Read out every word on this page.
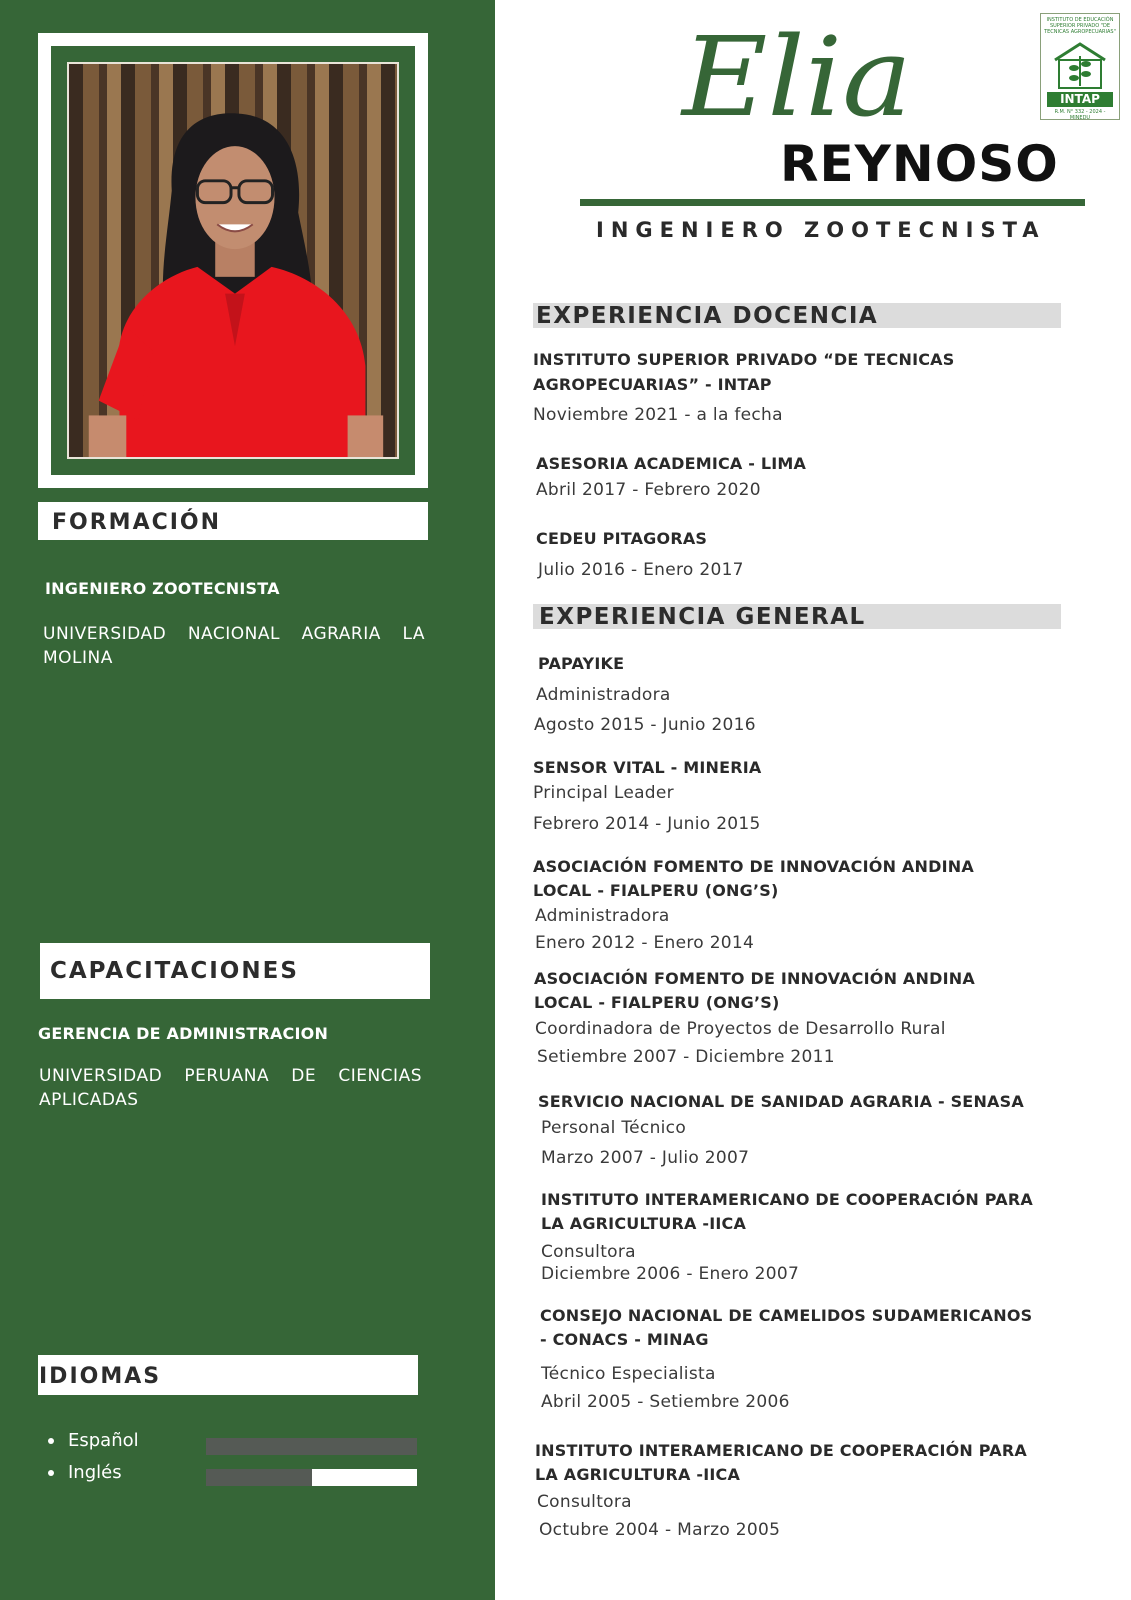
FORMACIÓN
INGENIERO ZOOTECNISTA
UNIVERSIDAD NACIONAL AGRARIA LA
MOLINA
CAPACITACIONES
GERENCIA DE ADMINISTRACION
UNIVERSIDAD PERUANA DE CIENCIAS
APLICADAS
IDIOMAS
Español
Inglés
Elia
REYNOSO
INGENIERO ZOOTECNISTA
INSTITUTO DE EDUCACIÓN SUPERIOR PRIVADO "DE TECNICAS AGROPECUARIAS"
INTAP
R.M. N° 332 - 2024 - MINEDU
EXPERIENCIA DOCENCIA
INSTITUTO SUPERIOR PRIVADO “DE TECNICAS
AGROPECUARIAS” - INTAP
Noviembre 2021 - a la fecha
ASESORIA ACADEMICA - LIMA
Abril 2017 - Febrero 2020
CEDEU PITAGORAS
Julio 2016 - Enero 2017
EXPERIENCIA GENERAL
PAPAYIKE
Administradora
Agosto 2015 - Junio 2016
SENSOR VITAL - MINERIA
Principal Leader
Febrero 2014 - Junio 2015
ASOCIACIÓN FOMENTO DE INNOVACIÓN ANDINA
LOCAL - FIALPERU (ONG’S)
Administradora
Enero 2012 - Enero 2014
ASOCIACIÓN FOMENTO DE INNOVACIÓN ANDINA
LOCAL - FIALPERU (ONG’S)
Coordinadora de Proyectos de Desarrollo Rural
Setiembre 2007 - Diciembre 2011
SERVICIO NACIONAL DE SANIDAD AGRARIA - SENASA
Personal Técnico
Marzo 2007 - Julio 2007
INSTITUTO INTERAMERICANO DE COOPERACIÓN PARA
LA AGRICULTURA -IICA
Consultora
Diciembre 2006 - Enero 2007
CONSEJO NACIONAL DE CAMELIDOS SUDAMERICANOS
- CONACS - MINAG
Técnico Especialista
Abril 2005 - Setiembre 2006
INSTITUTO INTERAMERICANO DE COOPERACIÓN PARA
LA AGRICULTURA -IICA
Consultora
Octubre 2004 - Marzo 2005
